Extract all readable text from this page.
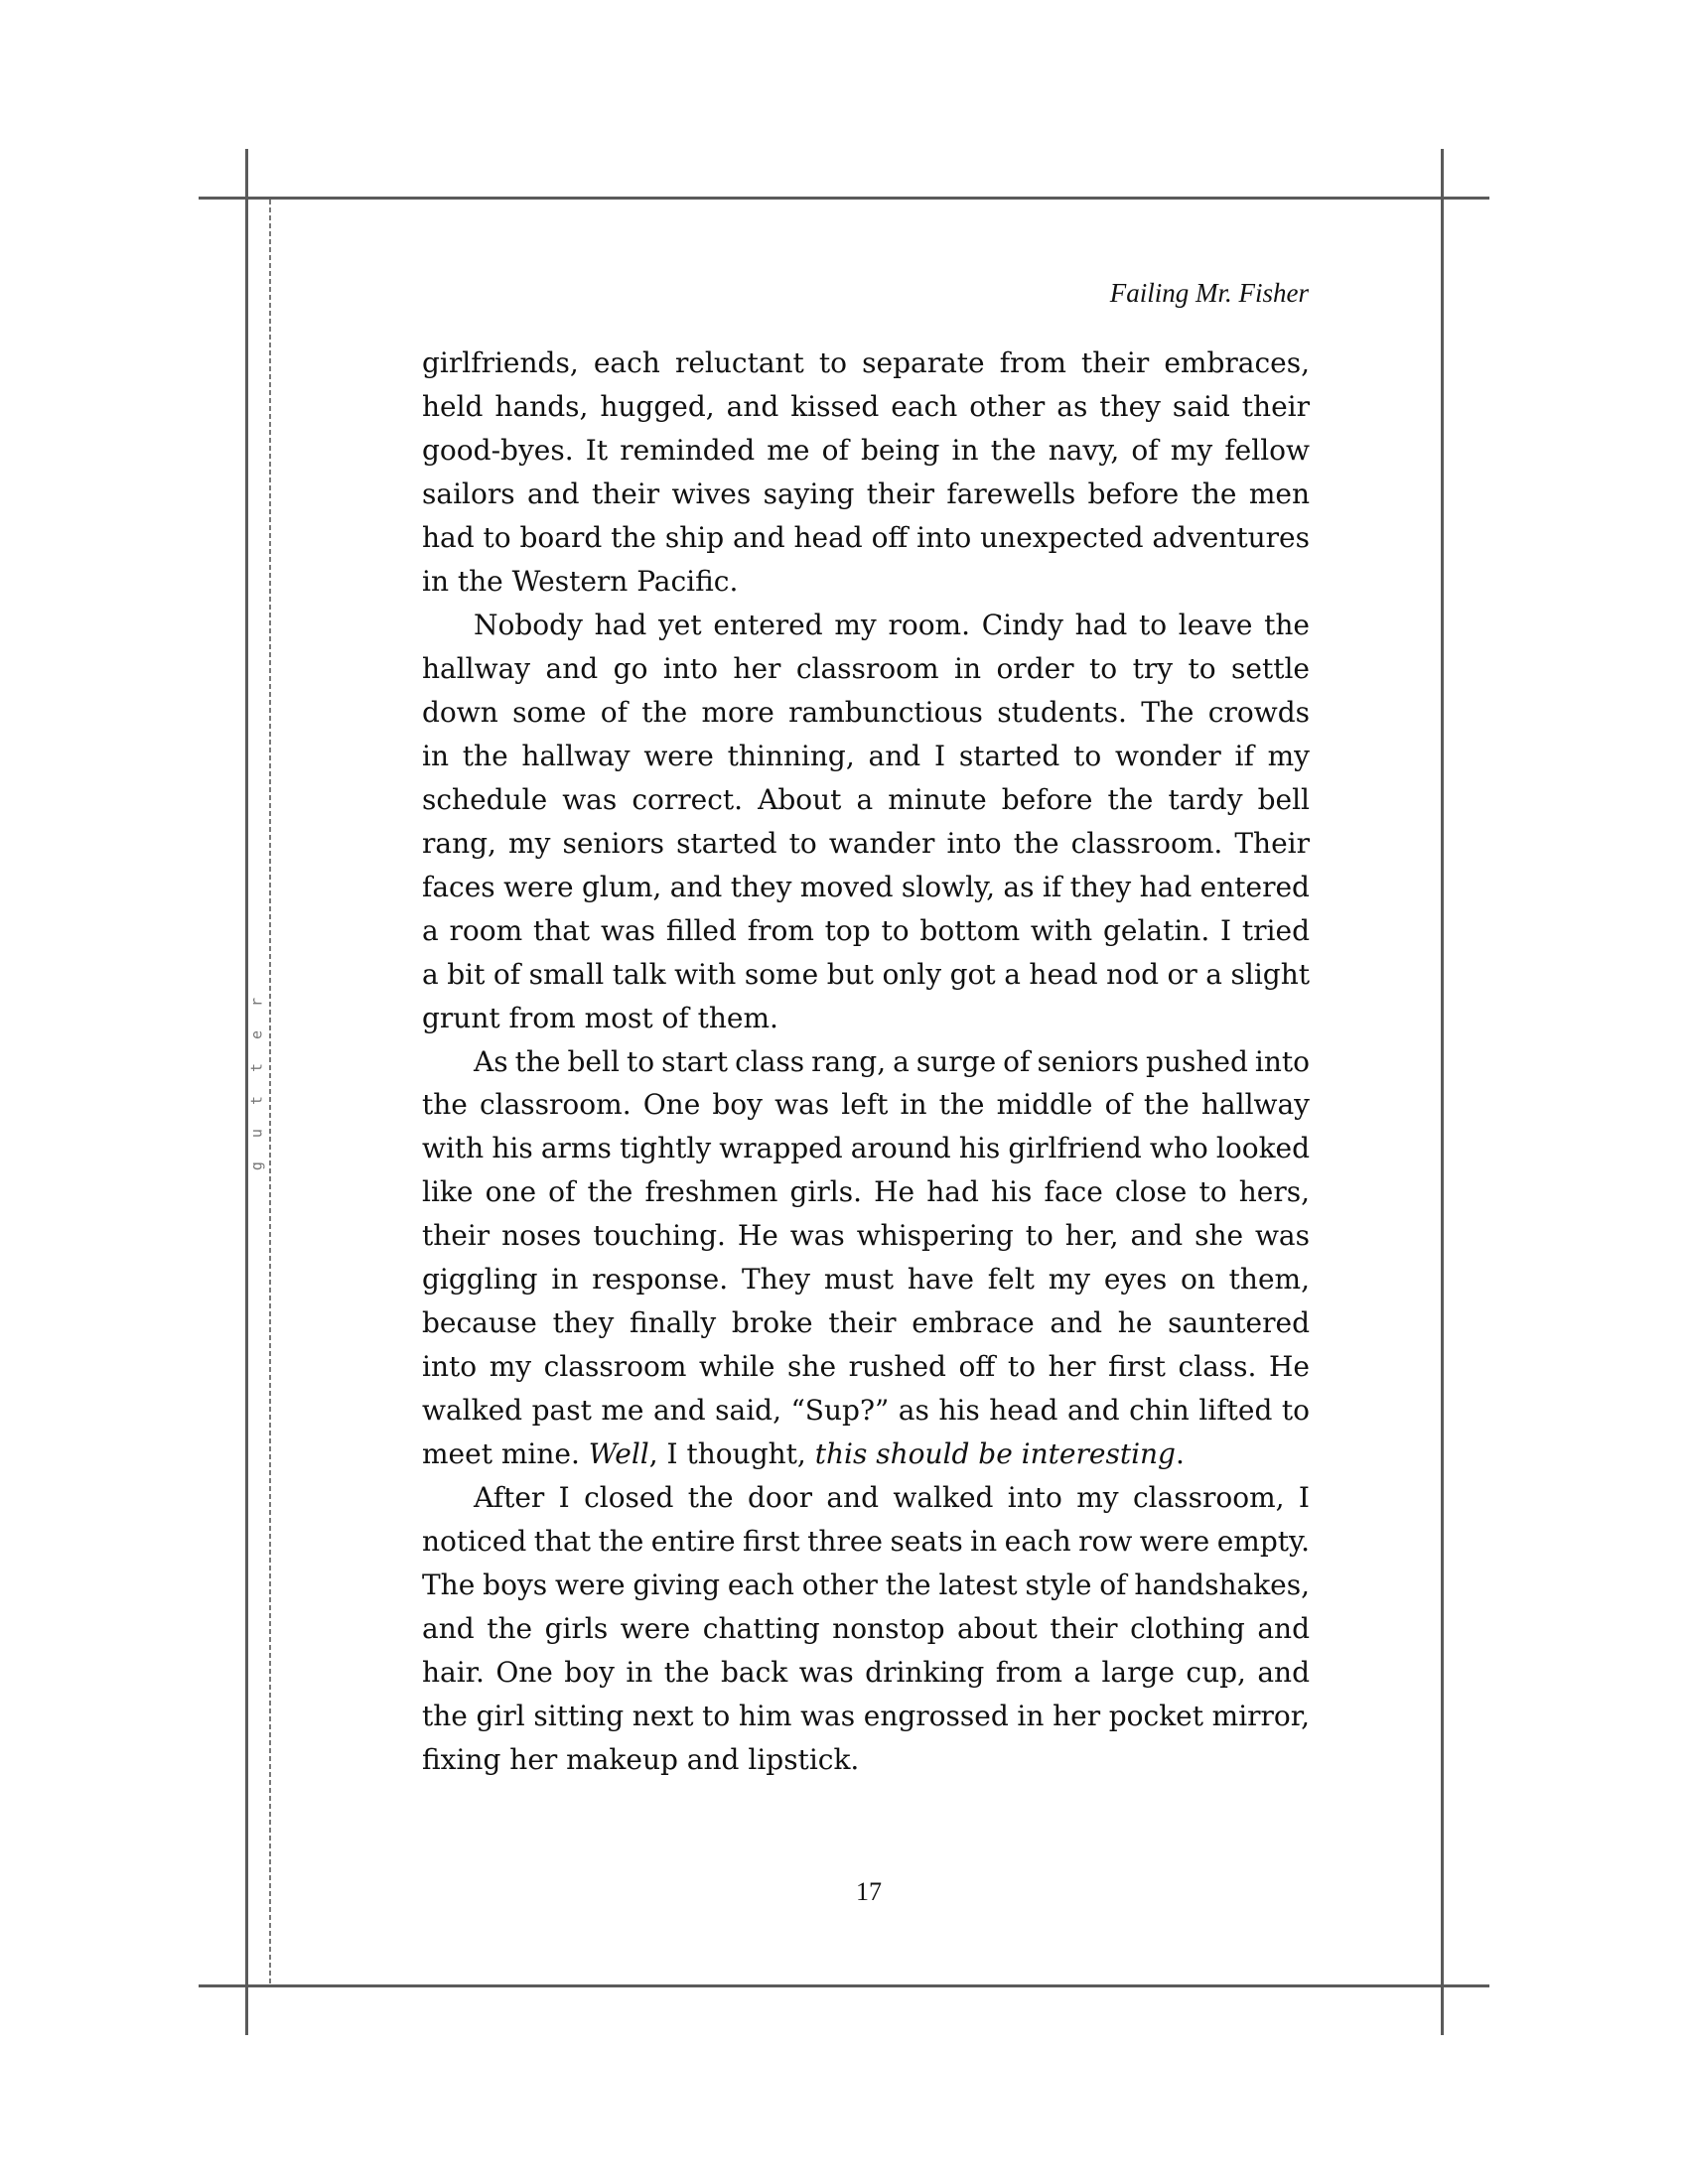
gutter
Failing Mr. Fisher
girlfriends, each reluctant to separate from their embraces,
held hands, hugged, and kissed each other as they said their
good-byes. It reminded me of being in the navy, of my fellow
sailors and their wives saying their farewells before the men
had to board the ship and head off into unexpected adventures
in the Western Pacific.
Nobody had yet entered my room. Cindy had to leave the
hallway and go into her classroom in order to try to settle
down some of the more rambunctious students. The crowds
in the hallway were thinning, and I started to wonder if my
schedule was correct. About a minute before the tardy bell
rang, my seniors started to wander into the classroom. Their
faces were glum, and they moved slowly, as if they had entered
a room that was filled from top to bottom with gelatin. I tried
a bit of small talk with some but only got a head nod or a slight
grunt from most of them.
As the bell to start class rang, a surge of seniors pushed into
the classroom. One boy was left in the middle of the hallway
with his arms tightly wrapped around his girlfriend who looked
like one of the freshmen girls. He had his face close to hers,
their noses touching. He was whispering to her, and she was
giggling in response. They must have felt my eyes on them,
because they finally broke their embrace and he sauntered
into my classroom while she rushed off to her first class. He
walked past me and said, “Sup?” as his head and chin lifted to
meet mine. Well, I thought, this should be interesting.
After I closed the door and walked into my classroom, I
noticed that the entire first three seats in each row were empty.
The boys were giving each other the latest style of handshakes,
and the girls were chatting nonstop about their clothing and
hair. One boy in the back was drinking from a large cup, and
the girl sitting next to him was engrossed in her pocket mirror,
fixing her makeup and lipstick.
17
